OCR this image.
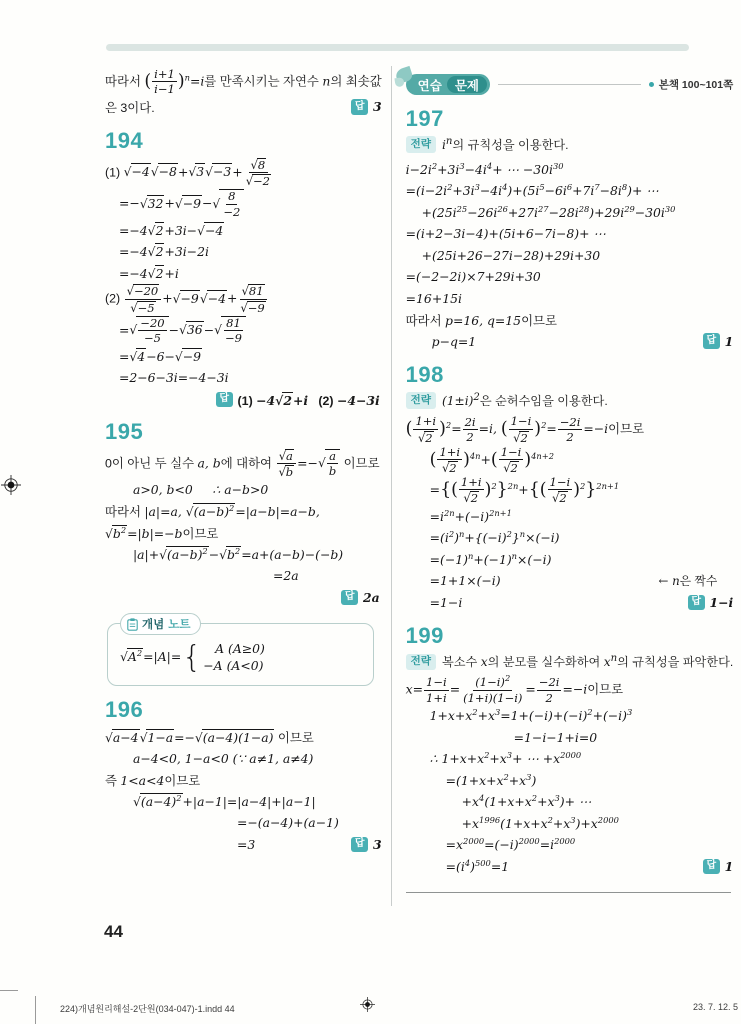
따라서 ( $\frac{i+1}{i-1} )^n=i$를 만족시키는 자연수 n의 최솟값
은 3이다.	답 3
194
(1) $√-4√-8+√3√-3+ \frac{√8}{√-2}$
$=-√32+√-9-√ \frac{8}{-2}$
=−4√2+3i−√−4
=−4√2+3i−2i
=−4√2+i
$(2) \frac{√-20}{√-5} +√-9√-4+ \frac{√81}{√-9}$
=√ $\frac{-20}{-5} -√36-√ \frac{81}{-9}$
=√4−6−√−9
=2−6−3i=−4−3i
답 (1) −4√2+i   (2) −4−3i
195
0이 아닌 두 실수 a, b에 대하여 $\frac{√a}{√b}$ =−√ $\frac{a}{b}$ 이므로
a>0, b<0     ∴ a−b>0
따라서 |a|=a, $√(a-b)^2=|a-b|=a-b$,
$√b^2=|b|=-b$이므로
$|a|+√(a-b)^2-√b^2=a+(a-b)-(-b)$
=2a
답 2a
개념 노트
$√A^2=|A|=$ { A (A≥0)
−A (A<0)
196
√a−4√1−a=−√(a−4)(1−a) 이므로
a−4<0, 1−a<0 (∵ a≠1, a≠4)
즉 1<a<4이므로
$√(a-4)^2+|a-1|=|a-4|+|a-1|$
=−(a−4)+(a−1)
=3	답 3
연습	문제	본책 100~101쪽
197
전략 $i^n$의 규칙성을 이용한다.
$i-2i^2+3i^3-4i^4+$ ⋯ $-30i^{30}$
$=(i-2i^2+3i^3-4i^4)+(5i^5-6i^6+7i^7-8i^8)+$ ⋯
$+(25i^{25}-26i^{26}+27i^{27}-28i^{28})+29i^{29}-30i^{30}$
=(i+2−3i−4)+(5i+6−7i−8)+ ⋯
+(25i+26−27i−28)+29i+30
=(−2−2i)×7+29i+30
=16+15i
따라서 p=16, q=15이므로
p−q=1	답 1
198
전략 $(1\pm i)^2$은 순허수임을 이용한다.
( $\frac{1+i}{√2} )^2= \frac{2i}{2} =i$, ( $\frac{1-i}{√2} )^2= \frac{-2i}{2} =-i$이므로
( $\frac{1+i}{√2} )^{4n}+( \frac{1-i}{√2} )^{4n+2}$
={( $\frac{1+i}{√2} )^2\}^{2n}+\{( \frac{1-i}{√2} )^2\}^{2n+1}$
$=i^{2n}+(-i)^{2n+1}$
$=(i^2)^n+\{(-i)^2\}^n\times(-i)$
$=(-1)^n+(-1)^n\times(-i)$
=1+1×(−i)	← n은 짝수
=1−i	답 1−i
199
전략 복소수 x의 분모를 실수화하여 $x^n$의 규칙성을 파악한다.
$x= \frac{1-i}{1+i} = \frac{(1-i)^2}{(1+i)(1-i)} = \frac{-2i}{2} =-i$이므로
$1+x+x^2+x^3=1+(-i)+(-i)^2+(-i)^3$
=1−i−1+i=0
∴ $1+x+x^2+x^3+$ ⋯ $+x^{2000}$
$=(1+x+x^2+x^3)$
$+x^4(1+x+x^2+x^3)+$ ⋯
$+x^{1996}(1+x+x^2+x^3)+x^{2000}$
$=x^{2000}=(-i)^{2000}=i^{2000}$
$=(i^4)^{500}=1$	답 1
44
224)개념원리해설-2단원(034-047)-1.indd 44	23. 7. 12. 5
